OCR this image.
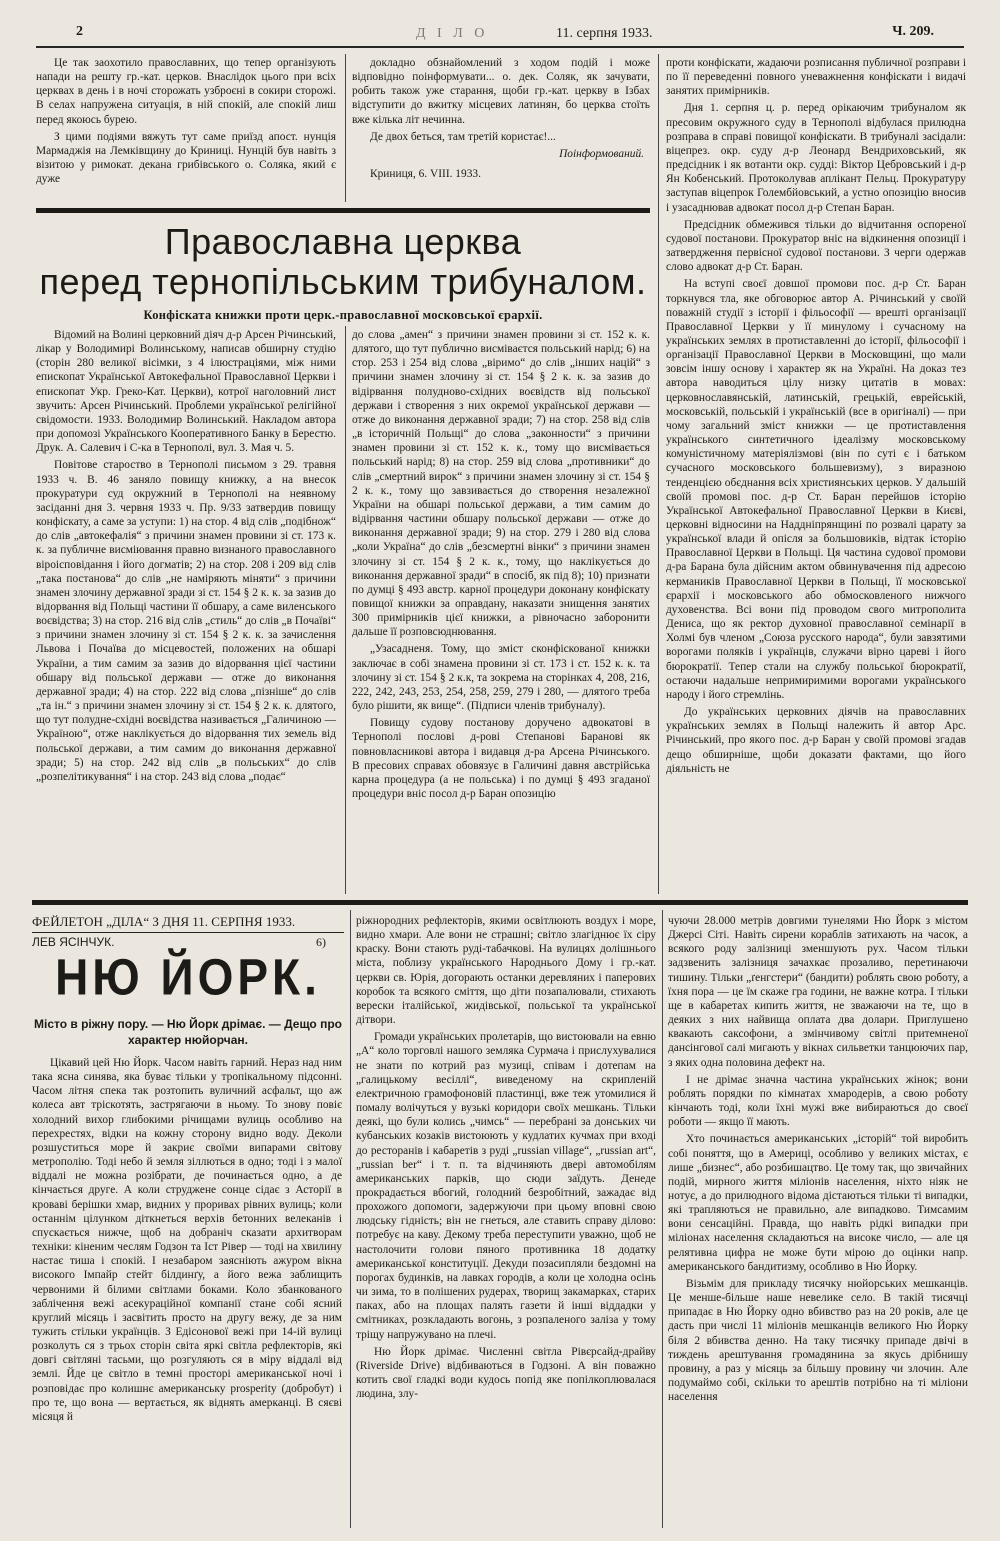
2	Д І Л О	11. серпня 1933.	Ч. 209.

Це так заохотило православних, що тепер організують напади на решту гр.-кат. церков. Внаслідок цього при всіх церквах в день і в ночі сторожать узброєні в сокири сторожі. В селах напружена ситуація, в ній спокій, але спокій лиш перед якоюсь бурею.

З цими подіями вяжуть тут саме приїзд апост. нунція Мармаджія на Лемківщину до Криниці. Нунцій був навіть з візитою у римокат. декана грибівського о. Соляка, який є дуже

докладно обзнайомлений з ходом подій і може відповідно поінформувати... о. дек. Соляк, як зачувати, робить також уже старання, щоби гр.-кат. церкву в Ізбах відступити до вжитку місцевих латинян, бо церква стоїть вже кілька літ нечинна.

Де двох беться, там третій користає!...

Поінформований.

Криниця, 6. VIII. 1933.

проти конфіскати, жадаючи розписання публичної розправи і по її переведенні повного уневажнення конфіскати і видачі занятих примірників.

Дня 1. серпня ц. р. перед орікаючим трибуналом як пресовим окружного суду в Тернополі відбулася прилюдна розправа в справі повищої конфіскати. В трибуналі засідали: віцепрез. окр. суду д-р Леонард Вендриховський, як предсідник і як вотанти окр. судді: Віктор Цебровський і д-р Ян Кобенський. Протоколував аплікант Пельц. Прокуратуру заступав віцепрок Голембйовський, а устно опозицію вносив і узасаднював адвокат посол д-р Степан Баран.

Предсідник обмежився тільки до відчитання оспореної судової постанови. Прокуратор вніс на відкинення опозиції і затвердження первісної судової постанови. З черги одержав слово адвокат д-р Ст. Баран.

На вступі своєї довшої промови пос. д-р Ст. Баран торкнувся тла, яке обговорює автор А. Річинський у своїй поважній студії з історії і фільософії — врешті організації Православної Церкви у її минулому і сучасному на українських землях в протиставленні до історії, фільософії і організації Православної Церкви в Московщині, що мали зовсім іншу основу і характер як на Україні. На доказ тез автора наводиться цілу низку цитатів в мовах: церковнославянській, латинській, грецькій, еврейській, московській, польській і українській (все в оригіналі) — при чому загальний зміст книжки — це протиставлення українського синтетичного ідеалізму московському комуністичному матеріялізмові (він по суті є і батьком сучасного московського большевизму), з виразною тенденцією обєднання всіх християнських церков. У дальшій своїй промові пос. д-р Ст. Баран перейшов історію Української Автокефальної Православної Церкви в Києві, церковні відносини на Наддніпрянщині по розвалі царату за української влади й опісля за большовиків, відтак історію Православної Церкви в Польщі. Ця частина судової промови д-ра Барана була дійсним актом обвинувачення під адресою кермаників Православної Церкви в Польщі, її московської єрархії і московського або обмосковленого нижчого духовенства. Всі вони під проводом свого митрополита Дениса, що як ректор духовної православної семінарії в Холмі був членом „Союза русского народа“, були завзятими ворогами поляків і українців, служачи вірно цареві і його бюрократії. Тепер стали на службу польської бюрократії, остаючи надальше непримиримими ворогами українського народу і його стремлінь.

До українських церковних діячів на православних українських землях в Польщі належить й автор Арс. Річинський, про якого пос. д-р Баран у своїй промові згадав дещо обширніше, щоби доказати фактами, що його діяльність не

Православна церква
перед тернопільським трибуналом.
Конфіската книжки проти церк.-православної московської єрархії.

Відомий на Волині церковний діяч д-р Арсен Річинський, лікар у Володимирі Волинському, написав обширну студію (сторін 280 великої вісімки, з 4 ілюстраціями, між ними епископат Української Автокефальної Православної Церкви і епископат Укр. Греко-Кат. Церкви), котрої наголовний лист звучить: Арсен Річинський. Проблеми української релігійної свідомости. 1933. Володимир Волинський. Накладом автора при допомозі Українського Кооперативного Банку в Берестю. Друк. А. Салевич і С-ка в Тернополі, вул. 3. Мая ч. 5.

Повітове староство в Тернополі письмом з 29. травня 1933 ч. В. 46 заняло повищу книжку, а на внесок прокуратури суд окружний в Тернополі на неявному засіданні дня 3. червня 1933 ч. Пр. 9/33 затвердив повищу конфіскату, а саме за уступи: 1) на стор. 4 від слів „подібнож“ до слів „автокефалія“ з причини знамен провини зі ст. 173 к. к. за публичне висміювання правно визнаного православного віроісповідання і його догматів; 2) на стор. 208 і 209 від слів „така постанова“ до слів „не наміряють міняти“ з причини знамен злочину державної зради зі ст. 154 § 2 к. к. за зазив до відорвання від Польщі частини її обшару, а саме виленського воєвідства; 3) на стор. 216 від слів „стиль“ до слів „в Почаїві“ з причини знамен злочину зі ст. 154 § 2 к. к. за зачислення Львова і Почаїва до місцевостей, положених на обшарі України, а тим самим за зазив до відорвання цієї частини обшару від польської держави — отже до виконання державної зради; 4) на стор. 222 від слова „пізніше“ до слів „та ін.“ з причини знамен злочину зі ст. 154 § 2 к. к. длятого, що тут полудне-східні воєвідства називається „Галичиною — Україною“, отже наклікується до відорвання тих земель від польської держави, а тим самим до виконання державної зради; 5) на стор. 242 від слів „в польських“ до слів „розпелітикування“ і на стор. 243 від слова „подає“

до слова „амен“ з причини знамен провини зі ст. 152 к. к. длятого, що тут публично висміваєтся польський нарід; 6) на стор. 253 і 254 від слова „віримо“ до слів „інших націй“ з причини знамен злочину зі ст. 154 § 2 к. к. за зазив до відірвання полудново-східних воєвідств від польської держави і створення з них окремої української держави — отже до виконання державної зради; 7) на стор. 258 від слів „в історичній Польщі“ до слова „законности“ з причини знамен провини зі ст. 152 к. к., тому що висмівається польський нарід; 8) на стор. 259 від слова „противники“ до слів „смертний вирок“ з причини знамен злочину зі ст. 154 § 2 к. к., тому що завзивається до створення незалежної України на обшарі польської держави, а тим самим до відірвання частини обшару польської держави — отже до виконання державної зради; 9) на стор. 279 і 280 від слова „коли Україна“ до слів „безсмертні вінки“ з причини знамен злочину зі ст. 154 § 2 к. к., тому, що наклікується до виконання державної зради“ в спосіб, як під 8); 10) признати по думці § 493 австр. карної процедури доконану конфіскату повищої книжки за оправдану, наказати знищення занятих 300 примірників цієї книжки, а рівночасно заборонити дальше її розповсюднювання.

„Узасадненя. Тому, що зміст сконфіскованої книжки заключає в собі знамена провини зі ст. 173 і ст. 152 к. к. та злочину зі ст. 154 § 2 к.к, та зокрема на сторінках 4, 208, 216, 222, 242, 243, 253, 254, 258, 259, 279 і 280, — длятого треба було рішити, як вище“. (Підписи членів трибуналу).

Повищу судову постанову доручено адвокатові в Тернополі послові д-рові Степанові Баранові як повновласникові автора і видавця д-ра Арсена Річинського. В пресових справах обовязує в Галичині давня австрійська карна процедура (а не польська) і по думці § 493 згаданої процедури вніс посол д-р Баран опозицію

ФЕЙЛЕТОН „ДІЛА“ З ДНЯ 11. СЕРПНЯ 1933.
ЛЕВ ЯСІНЧУК.	6)
НЮ ЙОРК.
Місто в ріжну пору. — Ню Йорк дрімає. — Дещо про характер нюйорчан.

Цікавий цей Ню Йорк. Часом навіть гарний. Нераз над ним така ясна синява, яка буває тільки у тропікальному підсонні. Часом літня спека так розтопить вуличний асфальт, що аж колеса авт тріскотять, застрягаючи в ньому. То знову повіє холодний вихор глибокими річищами вулиць особливо на перехрестях, відки на кожну сторону видно воду. Деколи розшуститься море й закриє своїми випарами світову метрополію. Тоді небо й земля зіллються в одно; тоді і з малої віддалі не можна розібрати, де починається одно, а де кінчається друге. А коли струджене сонце сідає з Асторії в кроваві берішки хмар, видних у проривах рівних вулиць; коли останнім цілунком діткнеться верхів бетонних велеканів і спускається нижче, щоб на добраніч сказати архитворам техніки: кіненим чеслям Годзон та Іст Рівер — тоді на хвилину настає тиша і спокій. І незабаром заясніють ажуром вікна високого Імпайр стейт білдинґу, а його вежа заблищить червоними й білими світлами боками. Коло збанкованого заблічення вежі асекураційної компанії стане собі ясний круглий місяць і засвітить просто на другу вежу, де за ним тужить стільки українців. З Едісонової вежі при 14-ій вулиці розколуть ся з трьох сторін світа яркі світла рефлекторів, які довгі світляні тасьми, що розгуляють ся в міру віддалі від землі. Йде це світло в темні просторі американської ночі і розповідає про колишнє американську prosperity (добробут) і про те, що вона — вертається, як віднять амерканці. В сяєві місяця й

ріжнородних рефлекторів, якими освітлюють воздух і море, видно хмари. Але вони не страшні; світло злагіднює їх сіру краску. Вони стають руді-табачкові. На вулицях долішнього міста, поблизу українського Народнього Дому і гр.-кат. церкви св. Юрія, догорають останки деревляних і паперових коробок та всякого сміття, що діти позапалювали, стихають верески італійської, жидівської, польської та української дітвори.

Громади українських пролетарів, що вистоювали на евню „А“ коло торговлі нашого земляка Сурмача і прислухувалися не знати по котрий раз музиці, співам і дотепам на „галицькому весіллі“, виведеному на скрипленій електричною грамофоновій пластинці, вже теж утомилися й помалу волічуться у вузькі коридори своїх мешкань. Тільки деякі, що були колись „чимсь“ — перебрані за донських чи кубанських козаків вистоюють у кудлатих кучмах при вході до ресторанів і кабаретів з руді „russian village“, „russian art“, „russian ber“ і т. п. та відчиняють двері автомобілям американських парків, що сюди заїдуть. Денеде прокрадається вбогий, голодний безробітний, зажадає від прохожого допомоги, задержуючи при цьому вповні свою людську гідність; він не гнеться, але ставить справу ділово: потребує на каву. Декому треба переступити уважно, щоб не настолочити голови пяного противника 18 додатку американської конституції. Декуди позасипляли бездомні на порогах будинків, на лавках городів, а коли це холодна осінь чи зима, то в полішених рудерах, творищ закамарках, старих паках, або на площах палять газети й інші віддадки у смітниках, розкладають вогонь, з розпаленого заліза у тому тріщу напружувано на плечі.

Ню Йорк дрімає. Численні світла Рівєрсайд-драйву (Riverside Drive) відбиваються в Годзоні. А він поважно котить свої гладкі води кудось попід яке попілкоплювалася людина, злу-

чуючи 28.000 метрів довгими тунелями Ню Йорк з містом Джерсі Сіті. Навіть сирени кораблів затихають на часок, а всякого роду залізниці зменшують рух. Часом тільки задзвенить залізниця зачахкає прозаливо, перетинаючи тишину. Тільки „ґенгстери“ (бандити) роблять свою роботу, а їхня пора — це їм скаже гра години, не важне котра. І тільки ще в кабаретах кипить життя, не зважаючи на те, що в деяких з них найвища оплата два долари. Приглушено квакають саксофони, а змінчивому світлі притемненої дансінгової салі мигають у вікнах сильветки танцюючих пар, з яких одна половина дефект на.

І не дрімає значна частина українських жінок; вони роблять порядки по кімнатах хмародерів, а свою роботу кінчають тоді, коли їхні мужі вже вибираються до своєї роботи — якщо її мають.

Хто починається американських „історій“ той виробить собі поняття, що в Америці, особливо у великих містах, є лише „бизнес“, або розбишацтво. Це тому так, що звичайних подій, мирного життя міліонів населення, ніхто ніяк не нотує, а до прилюдного відома дістаються тільки ті випадки, які трапляються не правильно, але випадково. Тимсамим вони сенсаційні. Правда, що навіть рідкі випадки при міліонах населення складаються на високе число, — але ця релятивна цифра не може бути мірою до оцінки напр. американського бандитизму, особливо в Ню Йорку.

Візьмім для прикладу тисячку нюйорських мешканців. Це менше-більше наше невелике село. В такій тисячці припадає в Ню Йорку одно вбивство раз на 20 років, але це дасть при числі 11 міліонів мешканців великого Ню Йорку біля 2 вбивства денно. На таку тисячку припаде двічі в тиждень арештування громадянина за якусь дрібнишу провину, а раз у місяць за більшу провину чи злочин. Але подумаймо собі, скільки то арештів потрібно на ті міліони населення
